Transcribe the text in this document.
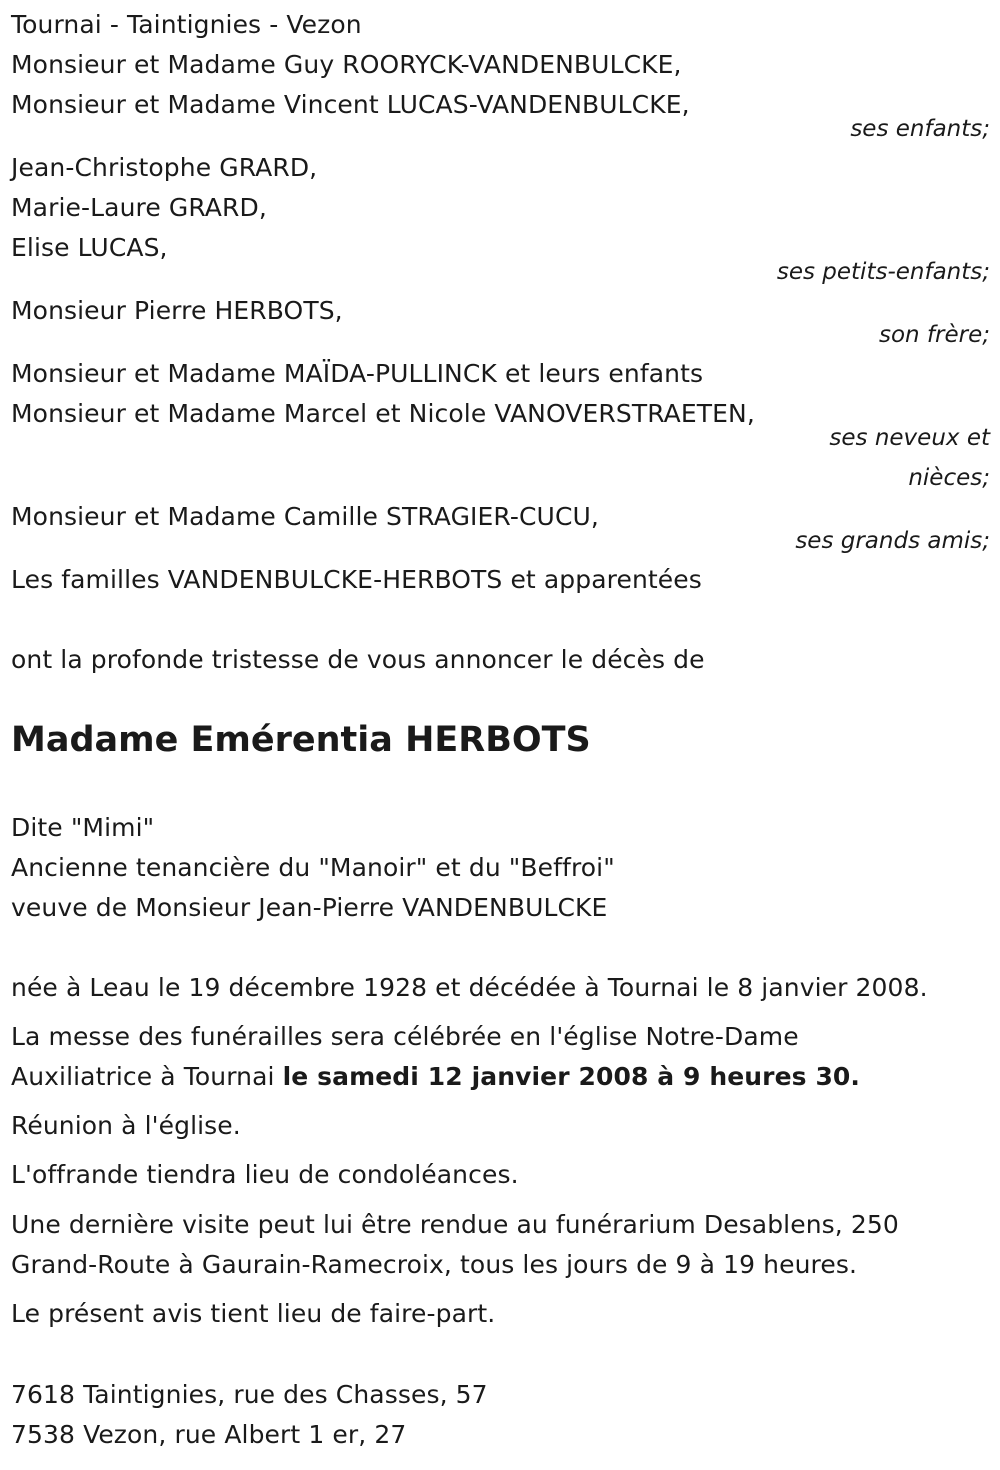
Tournai - Taintignies - Vezon
Monsieur et Madame Guy ROORYCK-VANDENBULCKE,
Monsieur et Madame Vincent LUCAS-VANDENBULCKE,
ses enfants;
Jean-Christophe GRARD,
Marie-Laure GRARD,
Elise LUCAS,
ses petits-enfants;
Monsieur Pierre HERBOTS,
son frère;
Monsieur et Madame MAÏDA-PULLINCK et leurs enfants
Monsieur et Madame Marcel et Nicole VANOVERSTRAETEN,
ses neveux et
nièces;
Monsieur et Madame Camille STRAGIER-CUCU,
ses grands amis;
Les familles VANDENBULCKE-HERBOTS et apparentées
ont la profonde tristesse de vous annoncer le décès de
Madame Emérentia HERBOTS
Dite "Mimi"
Ancienne tenancière du "Manoir" et du "Beffroi"
veuve de Monsieur Jean-Pierre VANDENBULCKE
née à Leau le 19 décembre 1928 et décédée à Tournai le 8 janvier 2008.
La messe des funérailles sera célébrée en l'église Notre-Dame
Auxiliatrice à Tournai le samedi 12 janvier 2008 à 9 heures 30.
Réunion à l'église.
L'offrande tiendra lieu de condoléances.
Une dernière visite peut lui être rendue au funérarium Desablens, 250
Grand-Route à Gaurain-Ramecroix, tous les jours de 9 à 19 heures.
Le présent avis tient lieu de faire-part.
7618 Taintignies, rue des Chasses, 57
7538 Vezon, rue Albert 1 er, 27
